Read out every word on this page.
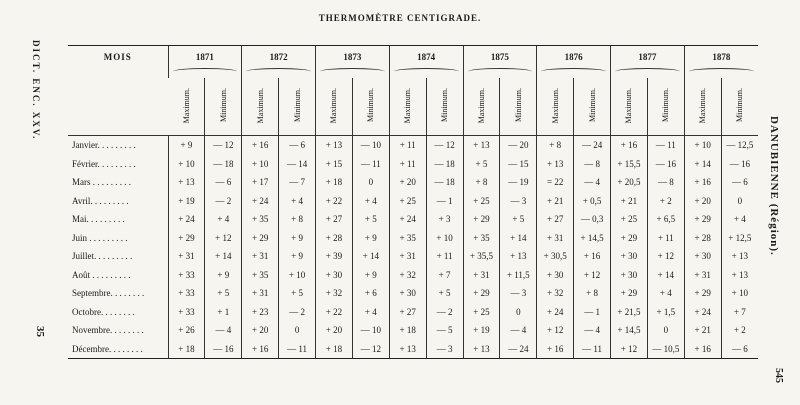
THERMOMÈTRE CENTIGRADE.
DICT. ENC. XXV.
35
DANUBIENNE (Région).
545
MOIS	1871		1872		1873		1874		1875		1876		1877		1878	

	Maximum.	Minimum.	Maximum.	Minimum.	Maximum.	Minimum.	Maximum.	Minimum.	Maximum.	Minimum.	Maximum.	Minimum.	Maximum.	Minimum.	Maximum.	Minimum.
Janvier. . . . . . . . .	+ 9	— 12	+ 16	— 6	+ 13	— 10	+ 11	— 12	+ 13	— 20	+ 8	— 24	+ 16	— 11	+ 10	— 12,5
Février. . . . . . . . .	+ 10	— 18	+ 10	— 14	+ 15	— 11	+ 11	— 18	+ 5	— 15	+ 13	— 8	+ 15,5	— 16	+ 14	— 16
Mars . . . . . . . . .	+ 13	— 6	+ 17	— 7	+ 18	0	+ 20	— 18	+ 8	— 19	= 22	— 4	+ 20,5	— 8	+ 16	— 6
Avril. . . . . . . . .	+ 19	— 2	+ 24	+ 4	+ 22	+ 4	+ 25	— 1	+ 25	— 3	+ 21	+ 0,5	+ 21	+ 2	+ 20	0
Mai. . . . . . . . .	+ 24	+ 4	+ 35	+ 8	+ 27	+ 5	+ 24	+ 3	+ 29	+ 5	+ 27	— 0,3	+ 25	+ 6,5	+ 29	+ 4
Juin . . . . . . . . .	+ 29	+ 12	+ 29	+ 9	+ 28	+ 9	+ 35	+ 10	+ 35	+ 14	+ 31	+ 14,5	+ 29	+ 11	+ 28	+ 12,5
Juillet. . . . . . . . .	+ 31	+ 14	+ 31	+ 9	+ 39	+ 14	+ 31	+ 11	+ 35,5	+ 13	+ 30,5	+ 16	+ 30	+ 12	+ 30	+ 13
Août . . . . . . . . .	+ 33	+ 9	+ 35	+ 10	+ 30	+ 9	+ 32	+ 7	+ 31	+ 11,5	+ 30	+ 12	+ 30	+ 14	+ 31	+ 13
Septembre. . . . . . . .	+ 33	+ 5	+ 31	+ 5	+ 32	+ 6	+ 30	+ 5	+ 29	— 3	+ 32	+ 8	+ 29	+ 4	+ 29	+ 10
Octobre. . . . . . . .	+ 33	+ 1	+ 23	— 2	+ 22	+ 4	+ 27	— 2	+ 25	0	+ 24	— 1	+ 21,5	+ 1,5	+ 24	+ 7
Novembre. . . . . . . .	+ 26	— 4	+ 20	0	+ 20	— 10	+ 18	— 5	+ 19	— 4	+ 12	— 4	+ 14,5	0	+ 21	+ 2
Décembre. . . . . . . .	+ 18	— 16	+ 16	— 11	+ 18	— 12	+ 13	— 3	+ 13	— 24	+ 16	— 11	+ 12	— 10,5	+ 16	— 6
